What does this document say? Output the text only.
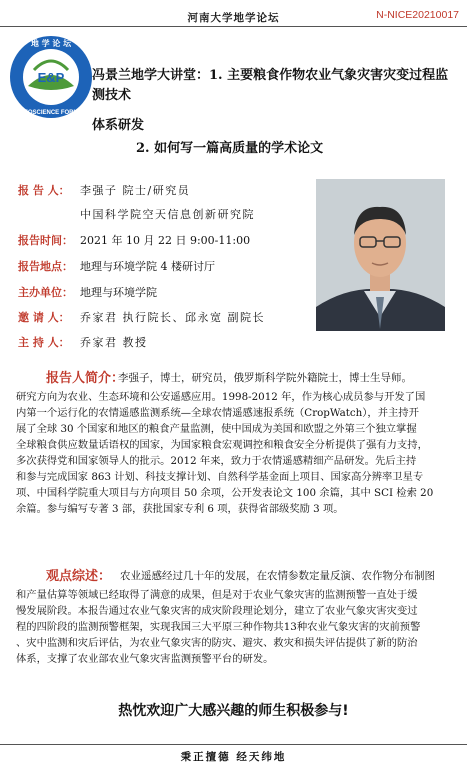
河南大学地学论坛	N-NICE20210017
E&P
地 学 论 坛
GEOSCIENCE FORUM
冯景兰地学大讲堂：1. 主要粮食作物农业气象灾害灾变过程监测技术
体系研发
2. 如何写一篇高质量的学术论文
报 告 人： 李强子 院士/研究员
中国科学院空天信息创新研究院
报告时间： 2021 年 10 月 22 日 9:00-11:00
报告地点： 地理与环境学院 4 楼研讨厅
主办单位： 地理与环境学院
邀 请 人： 乔家君 执行院长、邱永宽 副院长
主 持 人： 乔家君 教授
报告人简介：
李强子，博士，研究员，俄罗斯科学院外籍院士，博士生导师。
研究方向为农业、生态环境和公安遥感应用。1998-2012 年，作为核心成员参与开发了国
内第一个运行化的农情遥感监测系统—全球农情遥感速报系统（CropWatch），并主持开
展了全球 30 个国家和地区的粮食产量监测，使中国成为美国和欧盟之外第三个独立掌握
全球粮食供应数量话语权的国家，为国家粮食宏观调控和粮食安全分析提供了强有力支持，
多次获得党和国家领导人的批示。2012 年来，致力于农情遥感精细产品研发。先后主持
和参与完成国家 863 计划、科技支撑计划、自然科学基金面上项目、国家高分辨率卫星专
项、中国科学院重大项目与方向项目 50 余项，公开发表论文 100 余篇，其中 SCI 检索 20
余篇。参与编写专著 3 部，获批国家专利 6 项，获得省部级奖励 3 项。
观点综述： 农业遥感经过几十年的发展，在农情参数定量反演、农作物分布制图
和产量估算等领域已经取得了满意的成果，但是对于农业气象灾害的监测预警一直处于缓
慢发展阶段。本报告通过农业气象灾害的成灾阶段理论划分，建立了农业气象灾害灾变过
程的四阶段的监测预警框架，实现我国三大平原三种作物共13种农业气象灾害的灾前预警
、灾中监测和灾后评估，为农业气象灾害的防灾、避灾、救灾和损失评估提供了新的防治
体系，支撑了农业部农业气象灾害监测预警平台的研发。
热忱欢迎广大感兴趣的师生积极参与!
秉正擅德 经天纬地
